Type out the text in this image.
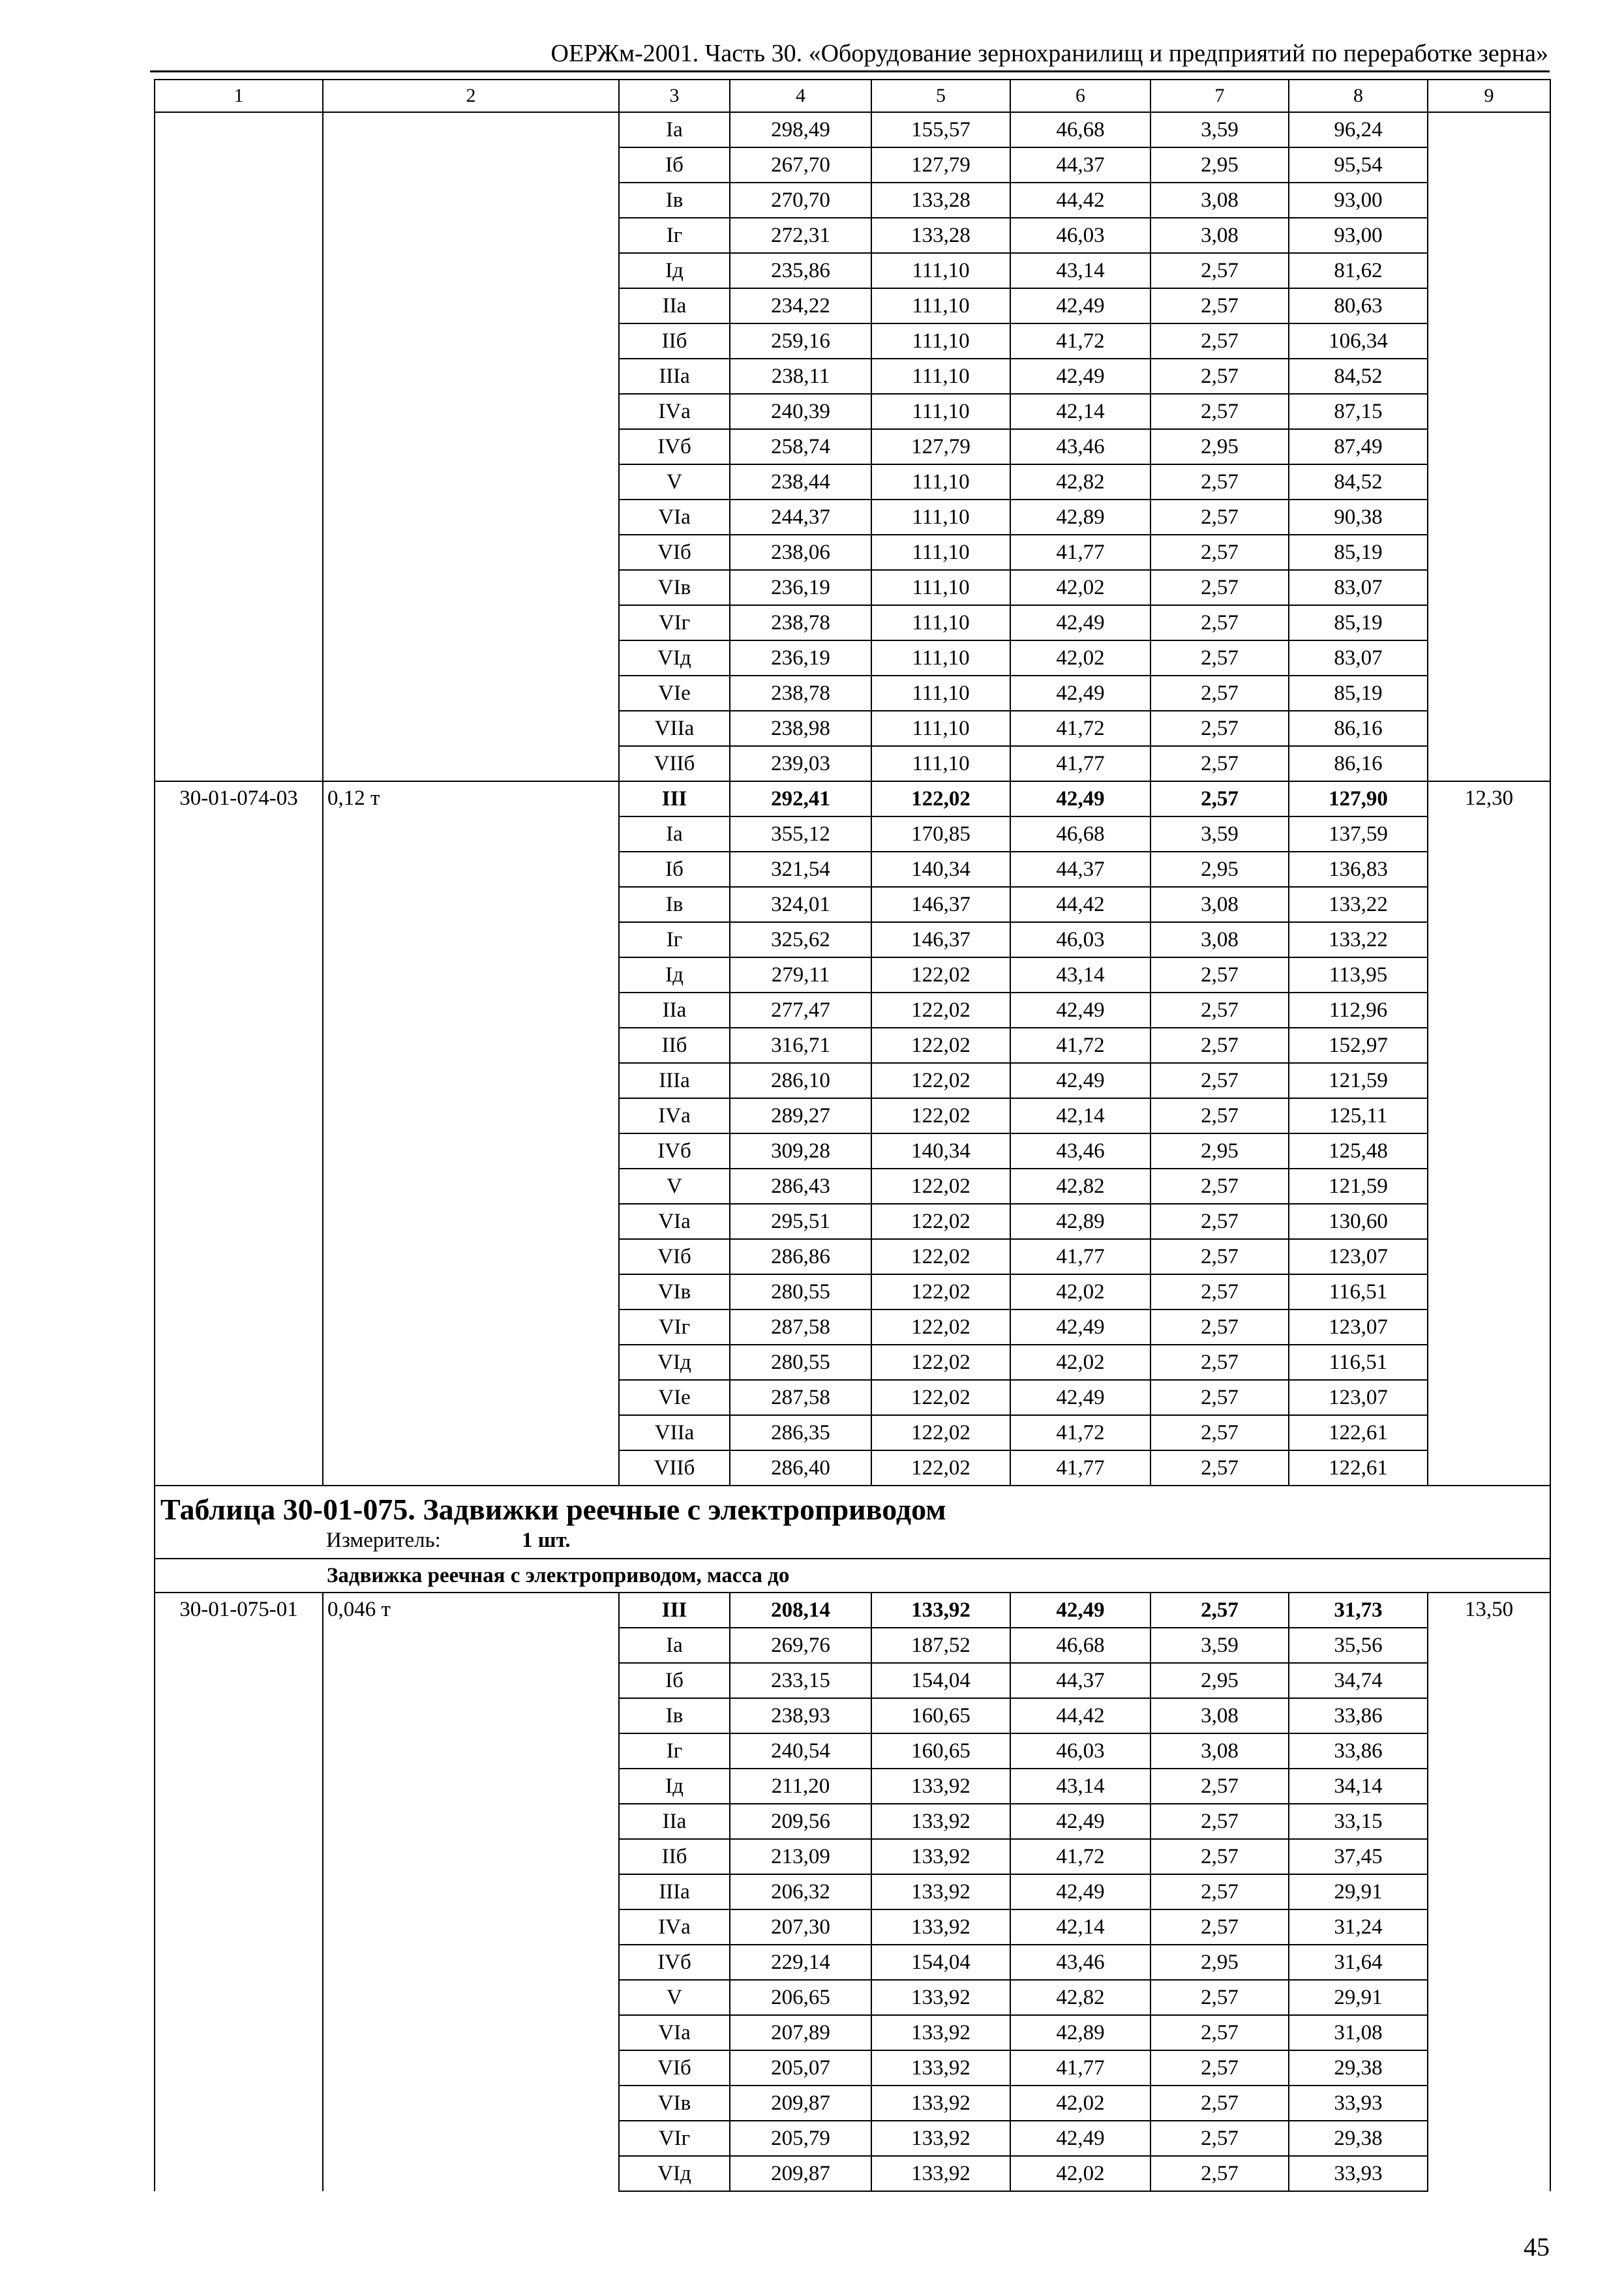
ОЕРЖм-2001. Часть 30. «Оборудование зернохранилищ и предприятий по переработке зерна»
1	2	3	4	5	6	7	8	9
		Iа	298,49	155,57	46,68	3,59	96,24	
		Iб	267,70	127,79	44,37	2,95	95,54	
		Iв	270,70	133,28	44,42	3,08	93,00	
		Iг	272,31	133,28	46,03	3,08	93,00	
		Iд	235,86	111,10	43,14	2,57	81,62	
		IIа	234,22	111,10	42,49	2,57	80,63	
		IIб	259,16	111,10	41,72	2,57	106,34	
		IIIа	238,11	111,10	42,49	2,57	84,52	
		IVа	240,39	111,10	42,14	2,57	87,15	
		IVб	258,74	127,79	43,46	2,95	87,49	
		V	238,44	111,10	42,82	2,57	84,52	
		VIа	244,37	111,10	42,89	2,57	90,38	
		VIб	238,06	111,10	41,77	2,57	85,19	
		VIв	236,19	111,10	42,02	2,57	83,07	
		VIг	238,78	111,10	42,49	2,57	85,19	
		VIд	236,19	111,10	42,02	2,57	83,07	
		VIе	238,78	111,10	42,49	2,57	85,19	
		VIIа	238,98	111,10	41,72	2,57	86,16	
		VIIб	239,03	111,10	41,77	2,57	86,16	
30-01-074-03	0,12 т	III	292,41	122,02	42,49	2,57	127,90	12,30
		Iа	355,12	170,85	46,68	3,59	137,59	
		Iб	321,54	140,34	44,37	2,95	136,83	
		Iв	324,01	146,37	44,42	3,08	133,22	
		Iг	325,62	146,37	46,03	3,08	133,22	
		Iд	279,11	122,02	43,14	2,57	113,95	
		IIа	277,47	122,02	42,49	2,57	112,96	
		IIб	316,71	122,02	41,72	2,57	152,97	
		IIIа	286,10	122,02	42,49	2,57	121,59	
		IVа	289,27	122,02	42,14	2,57	125,11	
		IVб	309,28	140,34	43,46	2,95	125,48	
		V	286,43	122,02	42,82	2,57	121,59	
		VIа	295,51	122,02	42,89	2,57	130,60	
		VIб	286,86	122,02	41,77	2,57	123,07	
		VIв	280,55	122,02	42,02	2,57	116,51	
		VIг	287,58	122,02	42,49	2,57	123,07	
		VIд	280,55	122,02	42,02	2,57	116,51	
		VIе	287,58	122,02	42,49	2,57	123,07	
		VIIа	286,35	122,02	41,72	2,57	122,61	
		VIIб	286,40	122,02	41,77	2,57	122,61	

Таблица 30-01-075. Задвижки реечные с электроприводом
Измеритель: 1 шт.								

Задвижка реечная с электроприводом, масса до								
30-01-075-01	0,046 т	III	208,14	133,92	42,49	2,57	31,73	13,50
		Iа	269,76	187,52	46,68	3,59	35,56	
		Iб	233,15	154,04	44,37	2,95	34,74	
		Iв	238,93	160,65	44,42	3,08	33,86	
		Iг	240,54	160,65	46,03	3,08	33,86	
		Iд	211,20	133,92	43,14	2,57	34,14	
		IIа	209,56	133,92	42,49	2,57	33,15	
		IIб	213,09	133,92	41,72	2,57	37,45	
		IIIа	206,32	133,92	42,49	2,57	29,91	
		IVа	207,30	133,92	42,14	2,57	31,24	
		IVб	229,14	154,04	43,46	2,95	31,64	
		V	206,65	133,92	42,82	2,57	29,91	
		VIа	207,89	133,92	42,89	2,57	31,08	
		VIб	205,07	133,92	41,77	2,57	29,38	
		VIв	209,87	133,92	42,02	2,57	33,93	
		VIг	205,79	133,92	42,49	2,57	29,38	
		VIд	209,87	133,92	42,02	2,57	33,93	
45
